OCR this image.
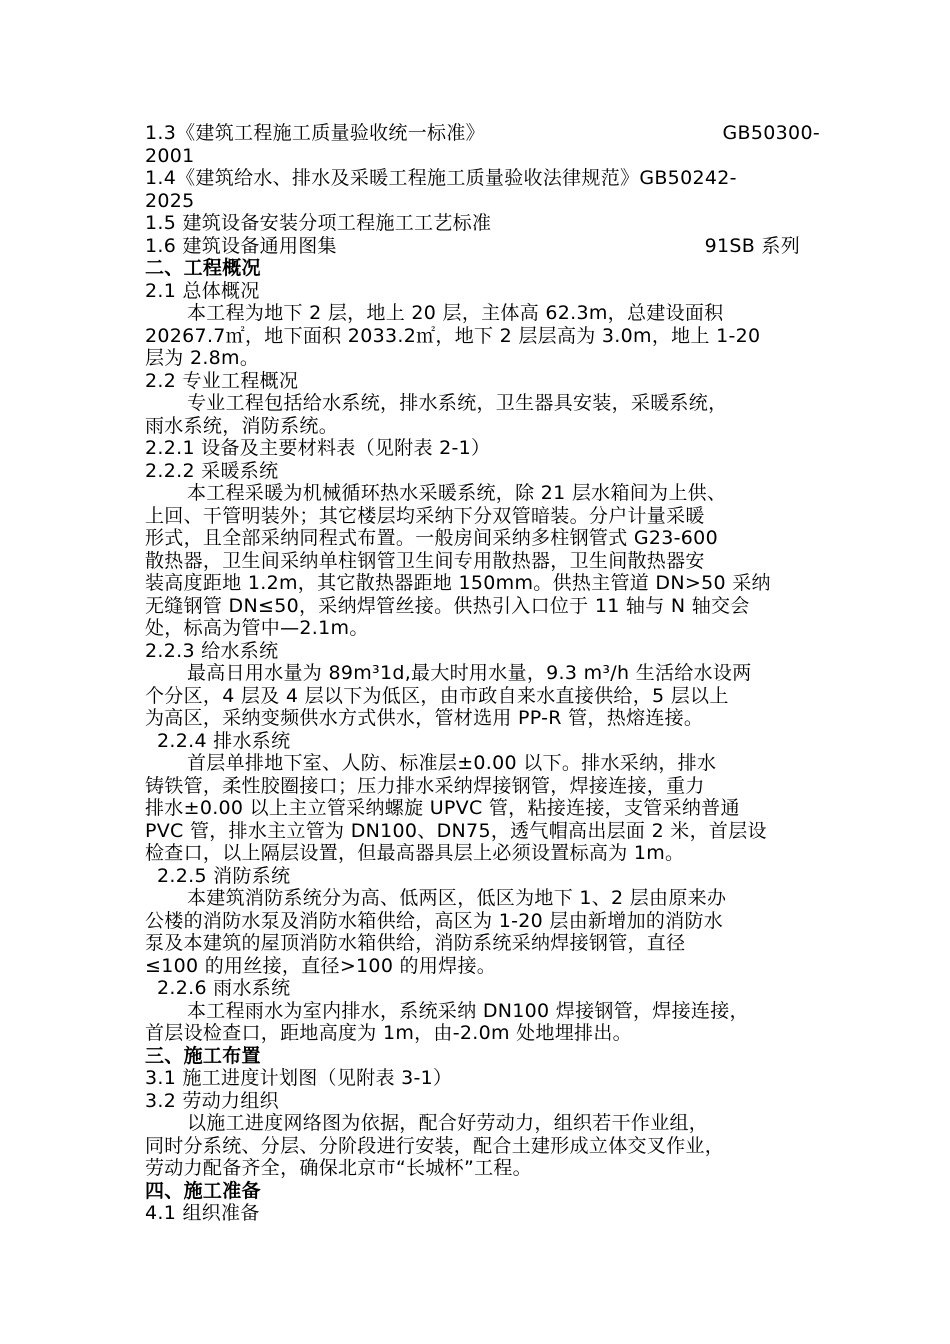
1.3《建筑工程施工质量验收统一标准》	GB50300-
2001
1.4《建筑给水、排水及采暖工程施工质量验收法律规范》GB50242-
2025
1.5 建筑设备安装分项工程施工工艺标准
1.6 建筑设备通用图集	91SB 系列
二、工程概况
2.1 总体概况
本工程为地下 2 层，地上 20 层，主体高 62.3m，总建设面积
20267.7㎡，地下面积 2033.2㎡，地下 2 层层高为 3.0m，地上 1-20
层为 2.8m。
2.2 专业工程概况
专业工程包括给水系统，排水系统，卫生器具安装，采暖系统，
雨水系统，消防系统。
2.2.1 设备及主要材料表（见附表 2-1）
2.2.2 采暖系统
本工程采暖为机械循环热水采暖系统，除 21 层水箱间为上供、
上回、干管明装外；其它楼层均采纳下分双管暗装。分户计量采暖
形式，且全部采纳同程式布置。一般房间采纳多柱钢管式 G23-600
散热器，卫生间采纳单柱钢管卫生间专用散热器，卫生间散热器安
装高度距地 1.2m，其它散热器距地 150mm。供热主管道 DN>50 采纳
无缝钢管 DN≤50，采纳焊管丝接。供热引入口位于 11 轴与 N 轴交会
处，标高为管中—2.1m。
2.2.3 给水系统
最高日用水量为 89m³1d,最大时用水量，9.3 m³/h 生活给水设两
个分区，4 层及 4 层以下为低区，由市政自来水直接供给，5 层以上
为高区，采纳变频供水方式供水，管材选用 PP-R 管，热熔连接。
2.2.4 排水系统
首层单排地下室、人防、标准层±0.00 以下。排水采纳，排水
铸铁管，柔性胶圈接口；压力排水采纳焊接钢管，焊接连接，重力
排水±0.00 以上主立管采纳螺旋 UPVC 管，粘接连接，支管采纳普通
PVC 管，排水主立管为 DN100、DN75，透气帽高出层面 2 米，首层设
检查口，以上隔层设置，但最高器具层上必须设置标高为 1m。
2.2.5 消防系统
本建筑消防系统分为高、低两区，低区为地下 1、2 层由原来办
公楼的消防水泵及消防水箱供给，高区为 1-20 层由新增加的消防水
泵及本建筑的屋顶消防水箱供给，消防系统采纳焊接钢管，直径
≤100 的用丝接，直径>100 的用焊接。
2.2.6 雨水系统
本工程雨水为室内排水，系统采纳 DN100 焊接钢管，焊接连接，
首层设检查口，距地高度为 1m，由-2.0m 处地埋排出。
三、施工布置
3.1 施工进度计划图（见附表 3-1）
3.2 劳动力组织
以施工进度网络图为依据，配合好劳动力，组织若干作业组，
同时分系统、分层、分阶段进行安装，配合土建形成立体交叉作业，
劳动力配备齐全，确保北京市“长城杯”工程。
四、施工准备
4.1 组织准备
